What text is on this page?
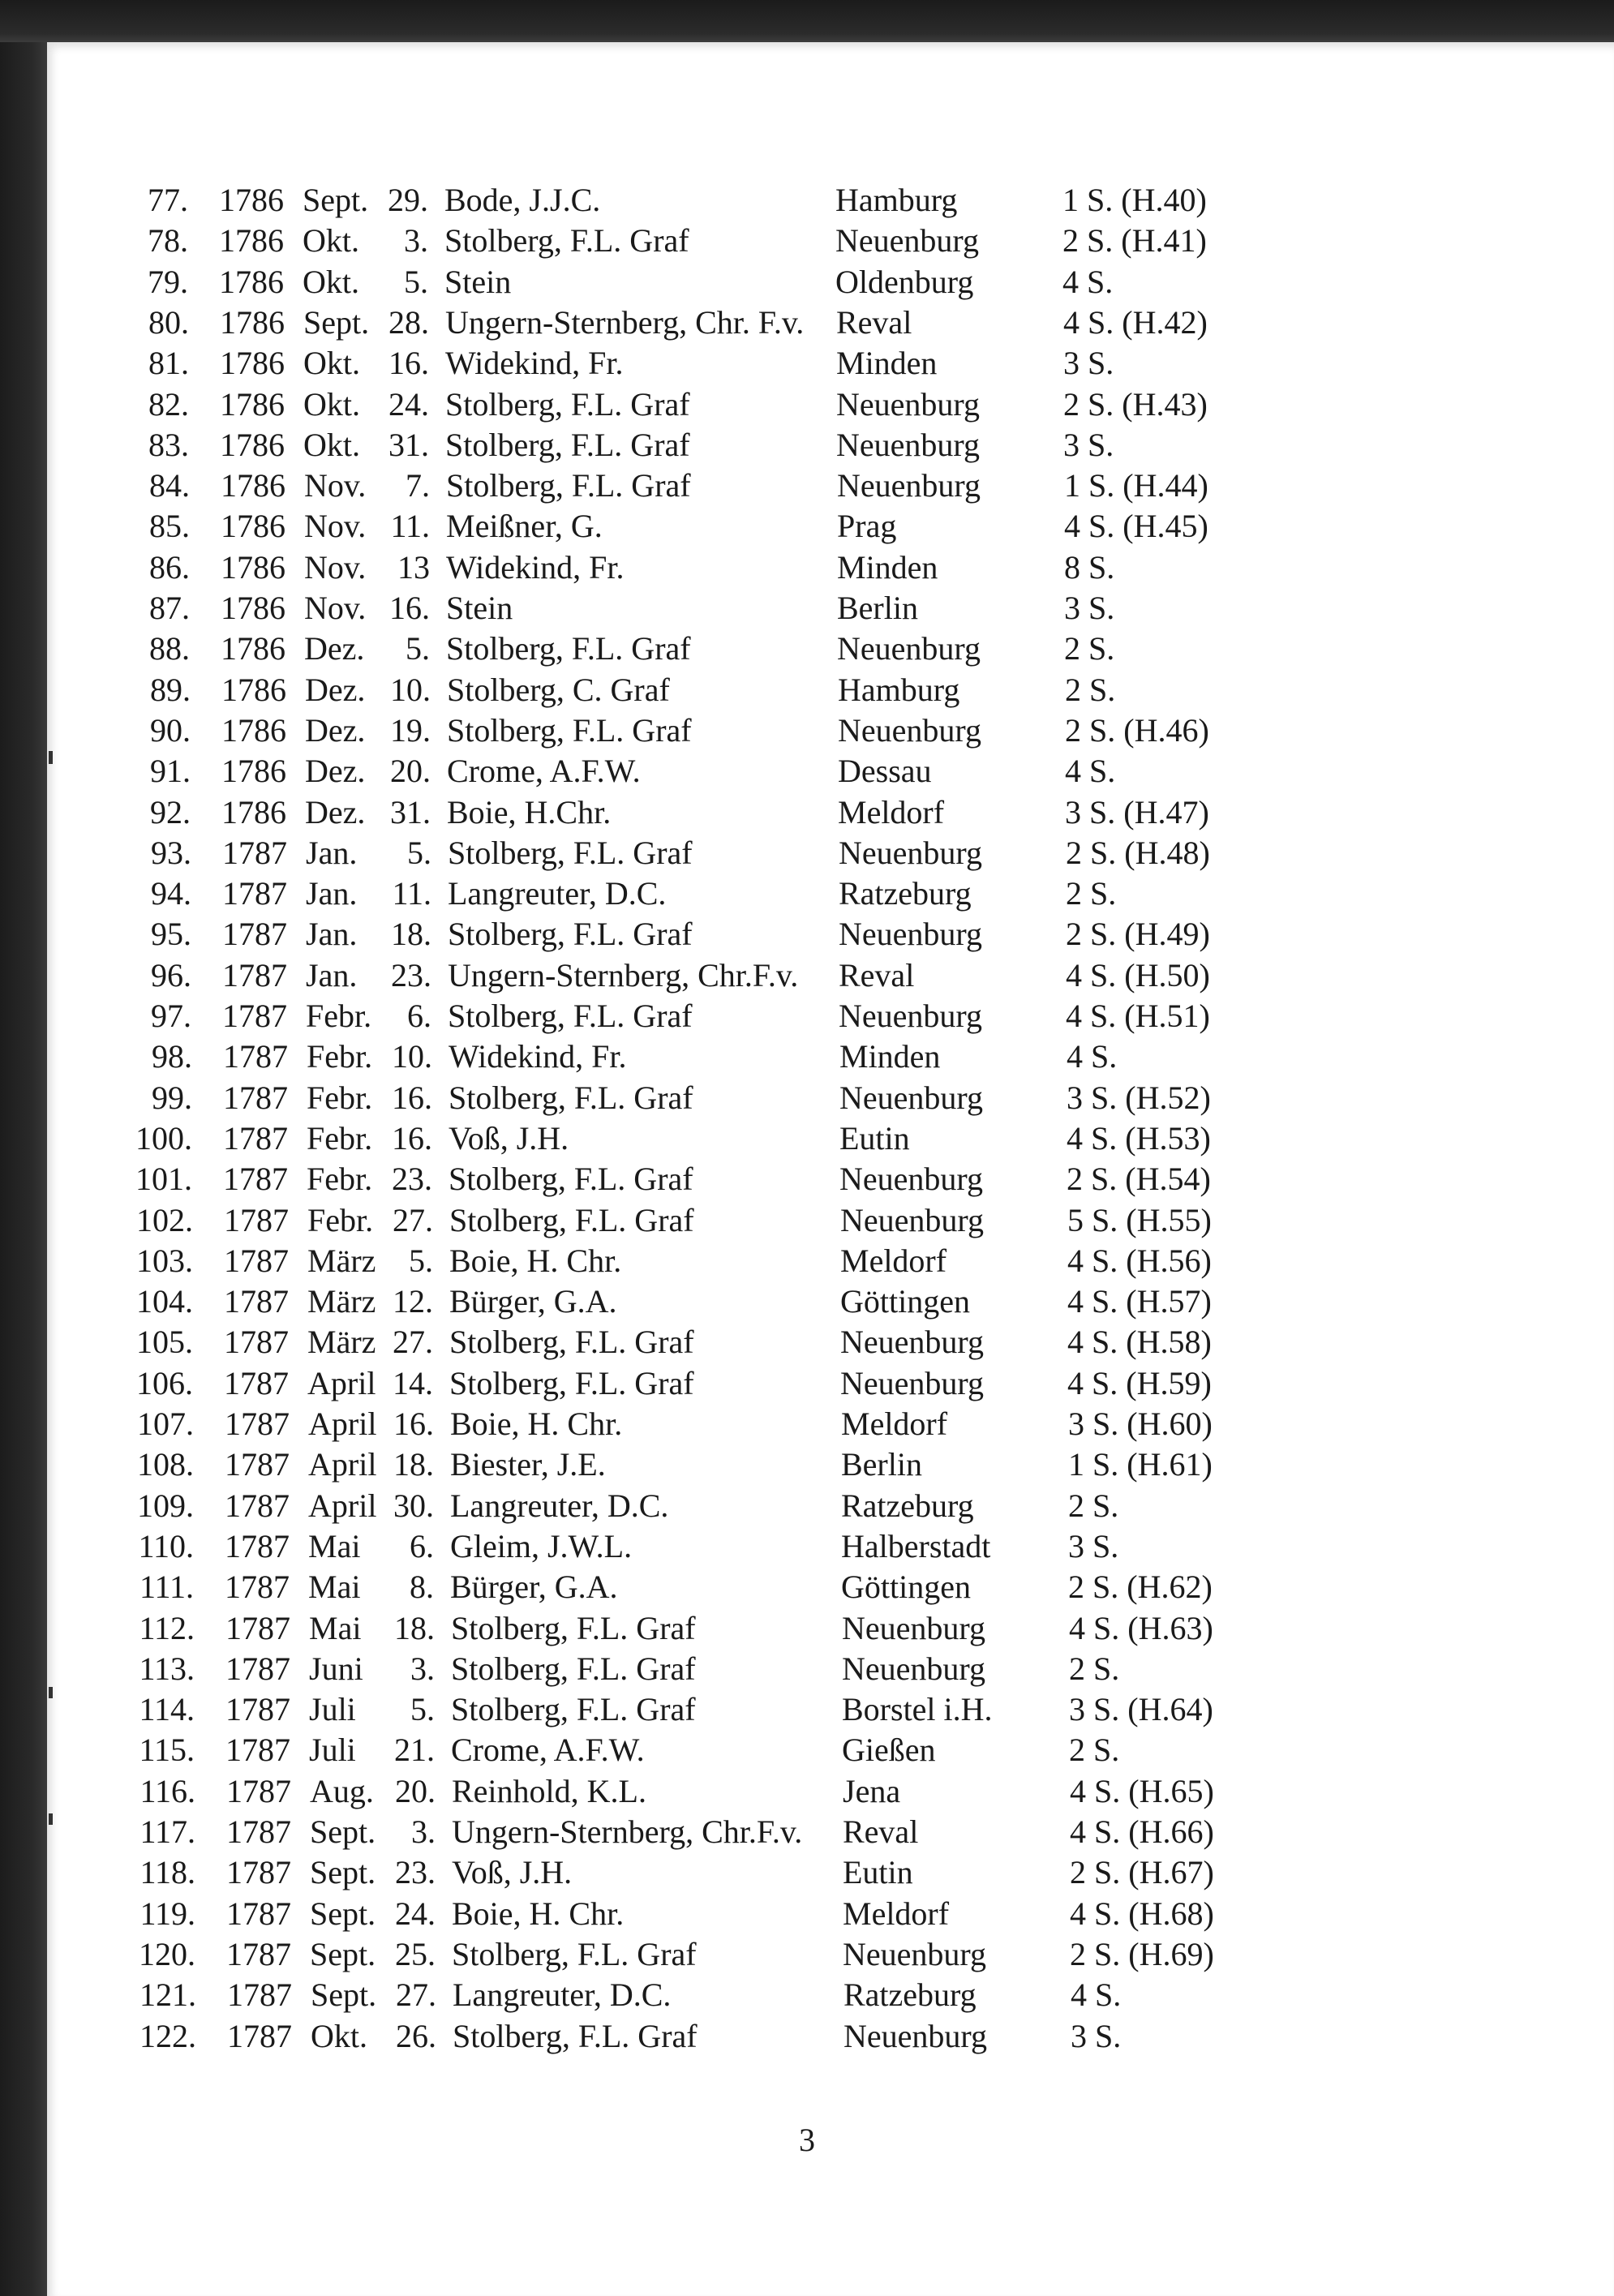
77. 1786 Sept. 29. Bode, J.J.C.	Hamburg	1 S. (H.40)
78. 1786 Okt.	3. Stolberg, F.L. Graf	Neuenburg	2 S. (H.41)
79. 1786 Okt.	5. Stein	Oldenburg	4 S.
80. 1786 Sept. 28. Ungern-Sternberg, Chr. F.v. Reval	4 S. (H.42)
81. 1786 Okt. 16. Widekind, Fr.	Minden	3 S.
82. 1786 Okt. 24. Stolberg, F.L. Graf	Neuenburg	2 S. (H.43)
83. 1786 Okt. 31. Stolberg, F.L. Graf	Neuenburg	3 S.
84. 1786 Nov.	7. Stolberg, F.L. Graf	Neuenburg	1 S. (H.44)
85. 1786 Nov. 11. Meißner, G.	Prag	4 S. (H.45)
86. 1786 Nov. 13 Widekind, Fr.	Minden	8 S.
87. 1786 Nov. 16. Stein	Berlin	3 S.
88. 1786 Dez.	5. Stolberg, F.L. Graf	Neuenburg	2 S.
89. 1786 Dez. 10. Stolberg, C. Graf	Hamburg	2 S.
90. 1786 Dez. 19. Stolberg, F.L. Graf	Neuenburg	2 S. (H.46)
91. 1786 Dez. 20. Crome, A.F.W.	Dessau	4 S.
92. 1786 Dez. 31. Boie, H.Chr.	Meldorf	3 S. (H.47)
93. 1787 Jan.	5. Stolberg, F.L. Graf	Neuenburg	2 S. (H.48)
94. 1787 Jan.	11. Langreuter, D.C.	Ratzeburg	2 S.
95. 1787 Jan.	18. Stolberg, F.L. Graf	Neuenburg	2 S. (H.49)
96. 1787 Jan.	23. Ungern-Sternberg, Chr.F.v. Reval	4 S. (H.50)
97. 1787 Febr.	6. Stolberg, F.L. Graf	Neuenburg	4 S. (H.51)
98. 1787 Febr. 10. Widekind, Fr.	Minden	4 S.
99. 1787 Febr. 16. Stolberg, F.L. Graf	Neuenburg	3 S. (H.52)
100. 1787 Febr. 16. Voß, J.H.	Eutin	4 S. (H.53)
101. 1787 Febr. 23. Stolberg, F.L. Graf	Neuenburg	2 S. (H.54)
102. 1787 Febr. 27. Stolberg, F.L. Graf	Neuenburg	5 S. (H.55)
103. 1787 März	5. Boie, H. Chr.	Meldorf	4 S. (H.56)
104. 1787 März 12. Bürger, G.A.	Göttingen	4 S. (H.57)
105. 1787 März 27. Stolberg, F.L. Graf	Neuenburg	4 S. (H.58)
106. 1787 April 14. Stolberg, F.L. Graf	Neuenburg	4 S. (H.59)
107. 1787 April 16. Boie, H. Chr.	Meldorf	3 S. (H.60)
108. 1787 April 18. Biester, J.E.	Berlin	1 S. (H.61)
109. 1787 April 30. Langreuter, D.C.	Ratzeburg	2 S.
110. 1787 Mai	6. Gleim, J.W.L.	Halberstadt 3 S.
111. 1787 Mai	8. Bürger, G.A.	Göttingen	2 S. (H.62)
112. 1787 Mai	18. Stolberg, F.L. Graf	Neuenburg	4 S. (H.63)
113. 1787 Juni	3. Stolberg, F.L. Graf	Neuenburg	2 S.
114. 1787 Juli	5. Stolberg, F.L. Graf	Borstel i.H. 3 S. (H.64)
115. 1787 Juli	21. Crome, A.F.W.	Gießen	2 S.
116. 1787 Aug. 20. Reinhold, K.L.	Jena	4 S. (H.65)
117. 1787 Sept.	3. Ungern-Sternberg, Chr.F.v. Reval	4 S. (H.66)
118. 1787 Sept. 23. Voß, J.H.	Eutin	2 S. (H.67)
119. 1787 Sept. 24. Boie, H. Chr.	Meldorf	4 S. (H.68)
120. 1787 Sept. 25. Stolberg, F.L. Graf	Neuenburg	2 S. (H.69)
121. 1787 Sept. 27. Langreuter, D.C.	Ratzeburg	4 S.
122. 1787 Okt. 26. Stolberg, F.L. Graf	Neuenburg	3 S.
3
